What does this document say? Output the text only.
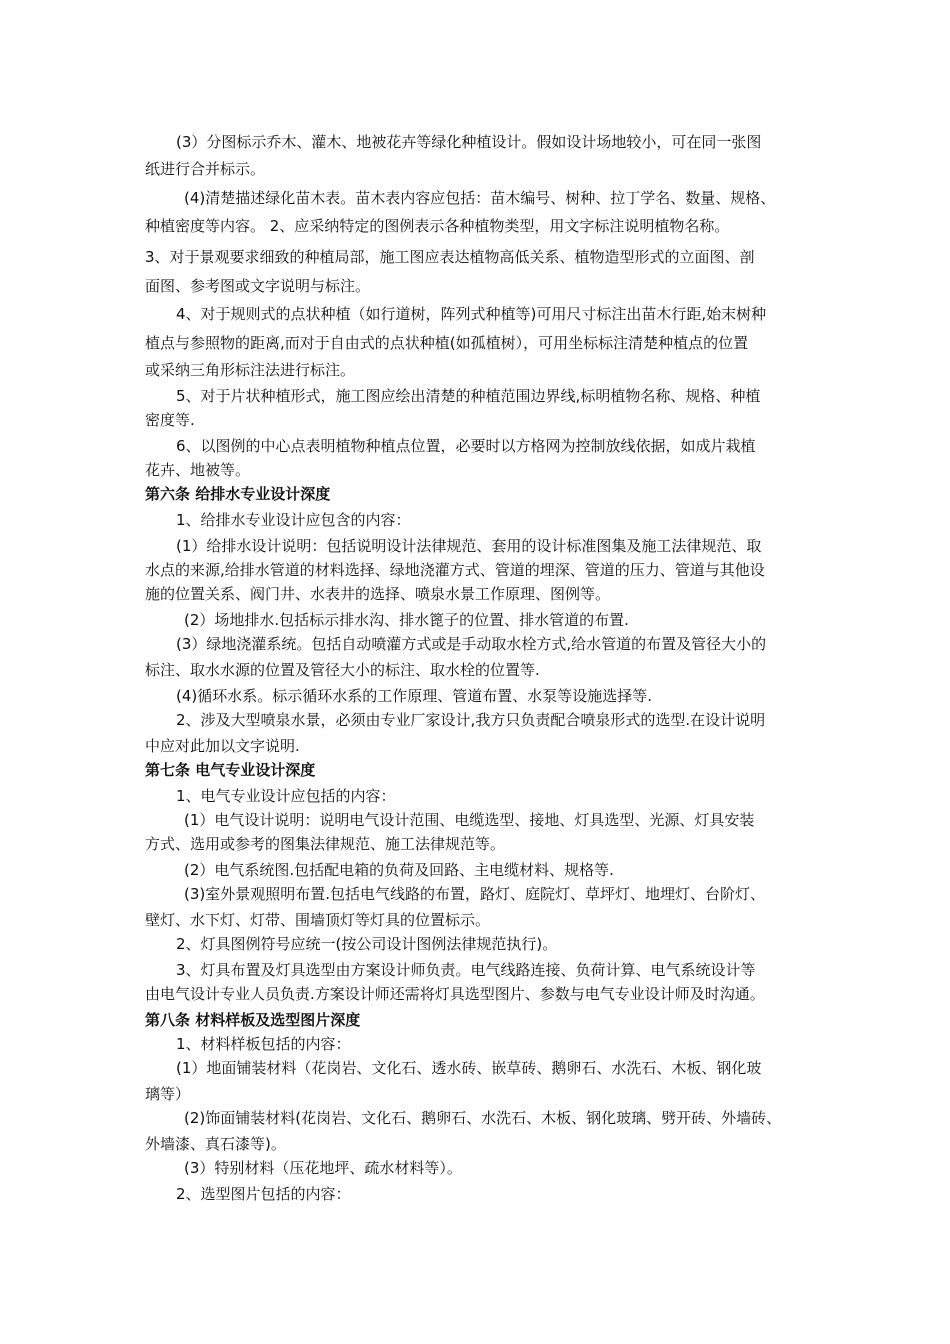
(3）分图标示乔木、灌木、地被花卉等绿化种植设计。假如设计场地较小，可在同一张图
纸进行合并标示。
(4)清楚描述绿化苗木表。苗木表内容应包括：苗木编号、树种、拉丁学名、数量、规格、
种植密度等内容。 2、应采纳特定的图例表示各种植物类型，用文字标注说明植物名称。
3、对于景观要求细致的种植局部，施工图应表达植物高低关系、植物造型形式的立面图、剖
面图、参考图或文字说明与标注。
4、对于规则式的点状种植（如行道树，阵列式种植等)可用尺寸标注出苗木行距,始末树种
植点与参照物的距离,而对于自由式的点状种植(如孤植树），可用坐标标注清楚种植点的位置
或采纳三角形标注法进行标注。
5、对于片状种植形式，施工图应绘出清楚的种植范围边界线,标明植物名称、规格、种植
密度等.
6、以图例的中心点表明植物种植点位置，必要时以方格网为控制放线依据，如成片栽植
花卉、地被等。
第六条 给排水专业设计深度
1、给排水专业设计应包含的内容：
(1）给排水设计说明：包括说明设计法律规范、套用的设计标准图集及施工法律规范、取
水点的来源,给排水管道的材料选择、绿地浇灌方式、管道的埋深、管道的压力、管道与其他设
施的位置关系、阀门井、水表井的选择、喷泉水景工作原理、图例等。
(2）场地排水.包括标示排水沟、排水篦子的位置、排水管道的布置.
(3）绿地浇灌系统。包括自动喷灌方式或是手动取水栓方式,给水管道的布置及管径大小的
标注、取水水源的位置及管径大小的标注、取水栓的位置等.
(4)循环水系。标示循环水系的工作原理、管道布置、水泵等设施选择等.
2、涉及大型喷泉水景，必须由专业厂家设计,我方只负责配合喷泉形式的选型.在设计说明
中应对此加以文字说明.
第七条 电气专业设计深度
1、电气专业设计应包括的内容：
(1）电气设计说明：说明电气设计范围、电缆选型、接地、灯具选型、光源、灯具安装
方式、选用或参考的图集法律规范、施工法律规范等。
(2）电气系统图.包括配电箱的负荷及回路、主电缆材料、规格等.
(3)室外景观照明布置.包括电气线路的布置，路灯、庭院灯、草坪灯、地埋灯、台阶灯、
壁灯、水下灯、灯带、围墙顶灯等灯具的位置标示。
2、灯具图例符号应统一(按公司设计图例法律规范执行)。
3、灯具布置及灯具选型由方案设计师负责。电气线路连接、负荷计算、电气系统设计等
由电气设计专业人员负责.方案设计师还需将灯具选型图片、参数与电气专业设计师及时沟通。
第八条 材料样板及选型图片深度
1、材料样板包括的内容：
(1）地面铺装材料（花岗岩、文化石、透水砖、嵌草砖、鹅卵石、水洗石、木板、钢化玻
璃等）
(2)饰面铺装材料(花岗岩、文化石、鹅卵石、水洗石、木板、钢化玻璃、劈开砖、外墙砖、
外墙漆、真石漆等)。
(3）特别材料（压花地坪、疏水材料等）。
2、选型图片包括的内容：
